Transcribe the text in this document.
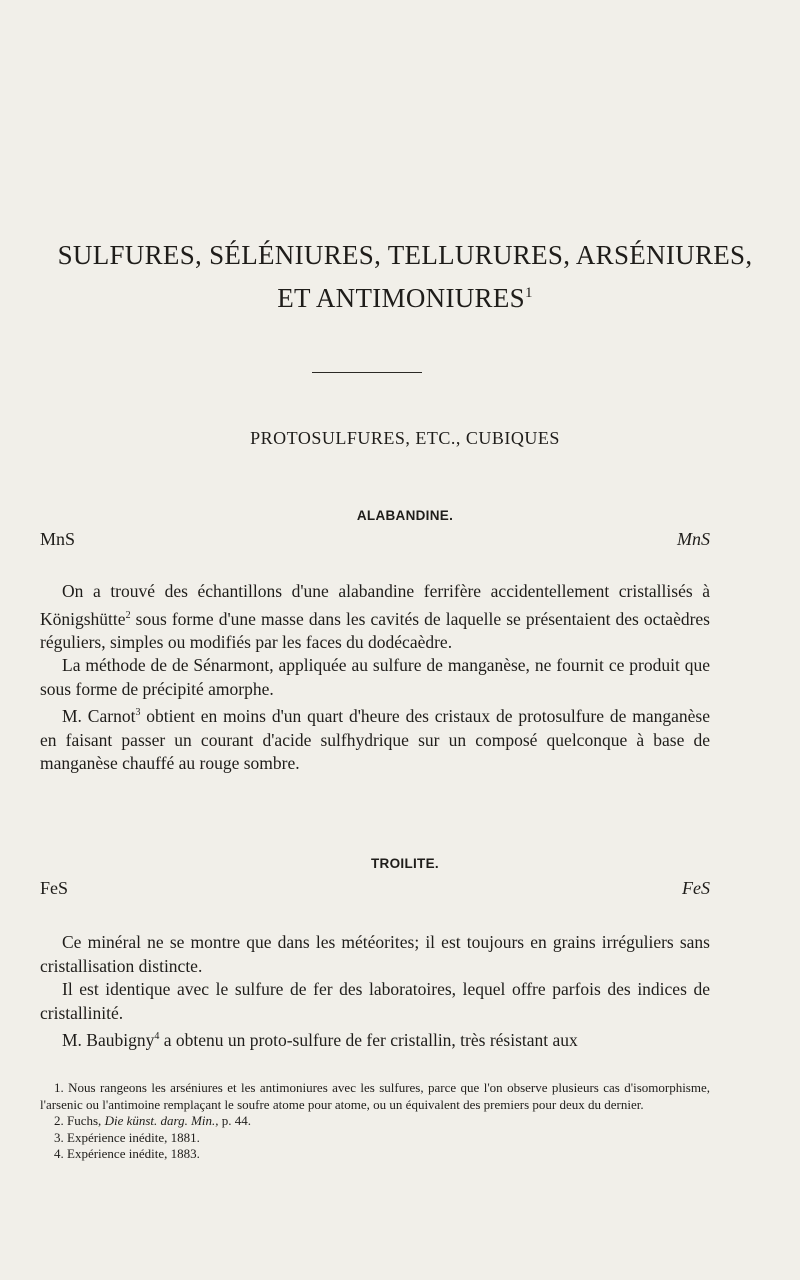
SULFURES, SÉLÉNIURES, TELLURURES, ARSÉNIURES,
ET ANTIMONIURES$^1$
PROTOSULFURES, ETC., CUBIQUES
ALABANDINE.
MnS	MnS

On a trouvé des échantillons d'une alabandine ferrifère accidentellement cristallisés à Königshütte$^2$ sous forme d'une masse dans les cavités de laquelle se présentaient des octaèdres réguliers, simples ou modifiés par les faces du dodécaèdre.

La méthode de de Sénarmont, appliquée au sulfure de manganèse, ne fournit ce produit que sous forme de précipité amorphe.

M. Carnot$^3$ obtient en moins d'un quart d'heure des cristaux de protosulfure de manganèse en faisant passer un courant d'acide sulfhydrique sur un composé quelconque à base de manganèse chauffé au rouge sombre.

TROILITE.
FeS	FeS

Ce minéral ne se montre que dans les météorites; il est toujours en grains irréguliers sans cristallisation distincte.

Il est identique avec le sulfure de fer des laboratoires, lequel offre parfois des indices de cristallinité.

M. Baubigny$^4$ a obtenu un proto-sulfure de fer cristallin, très résistant aux

1. Nous rangeons les arséniures et les antimoniures avec les sulfures, parce que l'on observe plusieurs cas d'isomorphisme, l'arsenic ou l'antimoine remplaçant le soufre atome pour atome, ou un équivalent des premiers pour deux du dernier.

2. Fuchs, Die künst. darg. Min., p. 44.

3. Expérience inédite, 1881.

4. Expérience inédite, 1883.
